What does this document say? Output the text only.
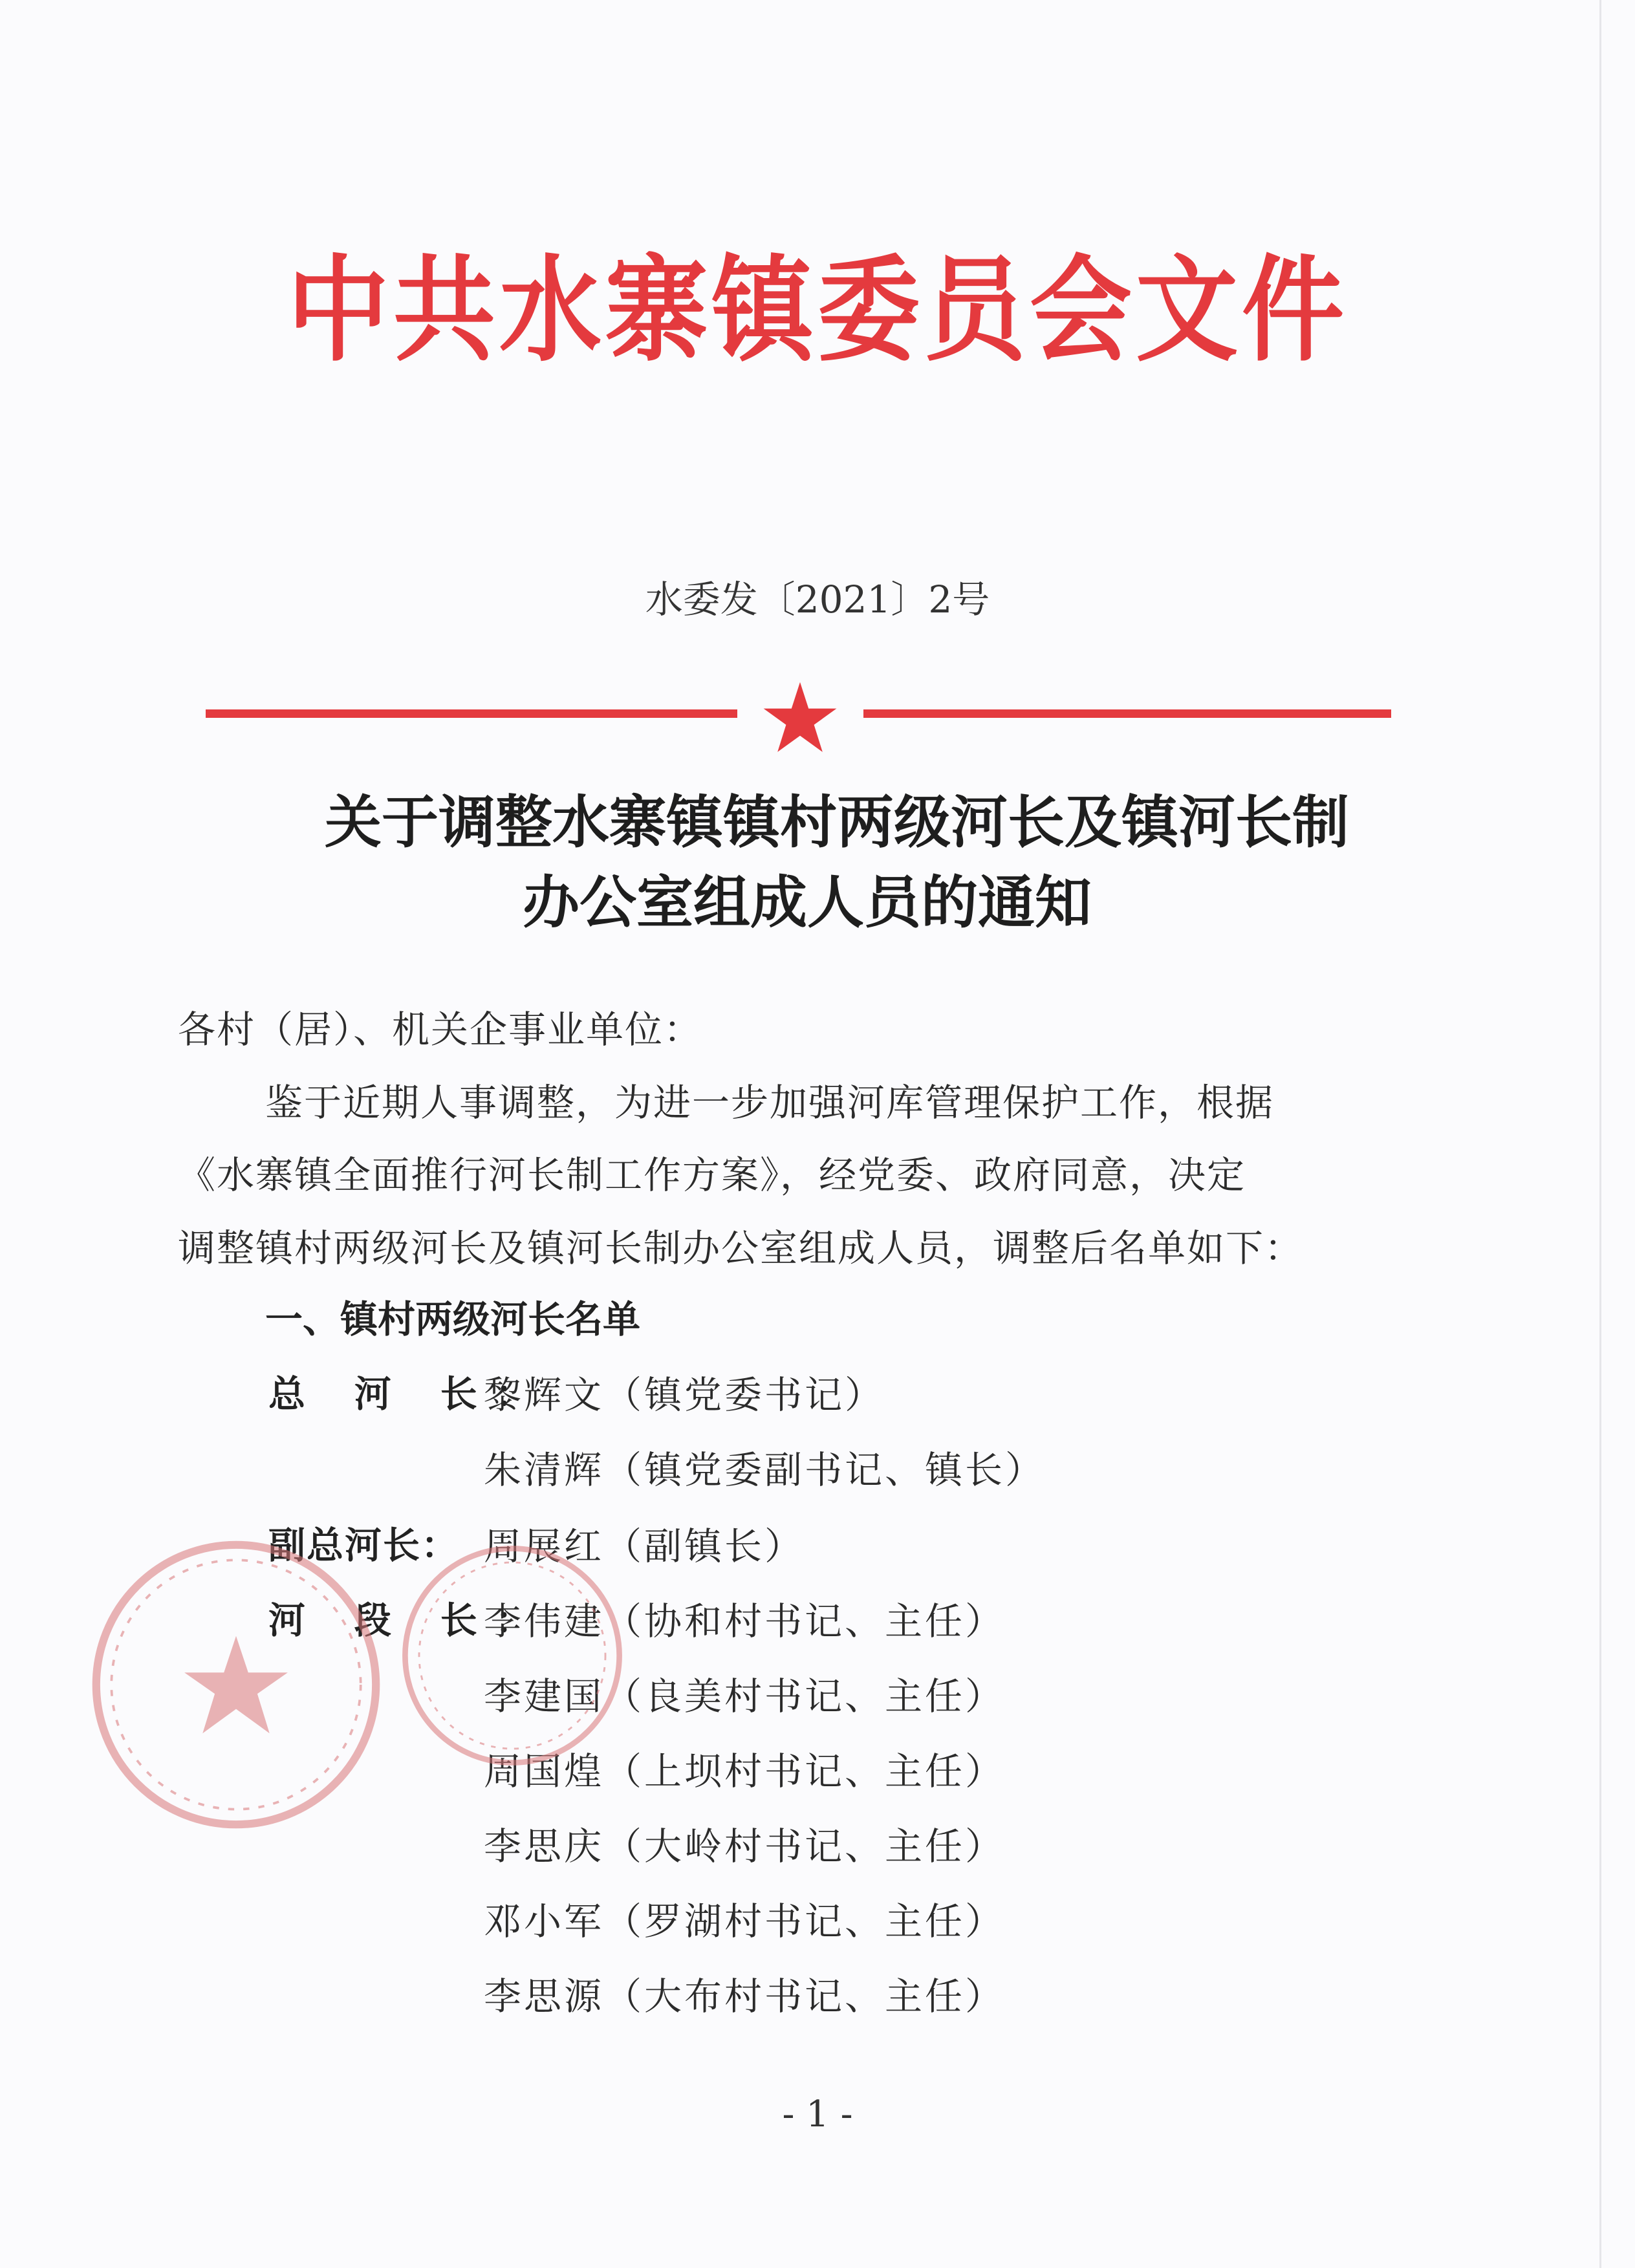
中共水寨镇委员会文件
水委发〔2021〕2号
关于调整水寨镇镇村两级河长及镇河长制
办公室组成人员的通知
各村（居）、机关企事业单位：
鉴于近期人事调整，为进一步加强河库管理保护工作，根据
《水寨镇全面推行河长制工作方案》，经党委、政府同意，决定
调整镇村两级河长及镇河长制办公室组成人员，调整后名单如下：
一、镇村两级河长名单
总 河 长：
黎辉文（镇党委书记）
朱清辉（镇党委副书记、镇长）
副总河长： 周展红（副镇长）
河 段 长：
李伟建（协和村书记、主任）
李建国（良美村书记、主任）
周国煌（上坝村书记、主任）
李思庆（大岭村书记、主任）
邓小军（罗湖村书记、主任）
李思源（大布村书记、主任）
- 1 -
